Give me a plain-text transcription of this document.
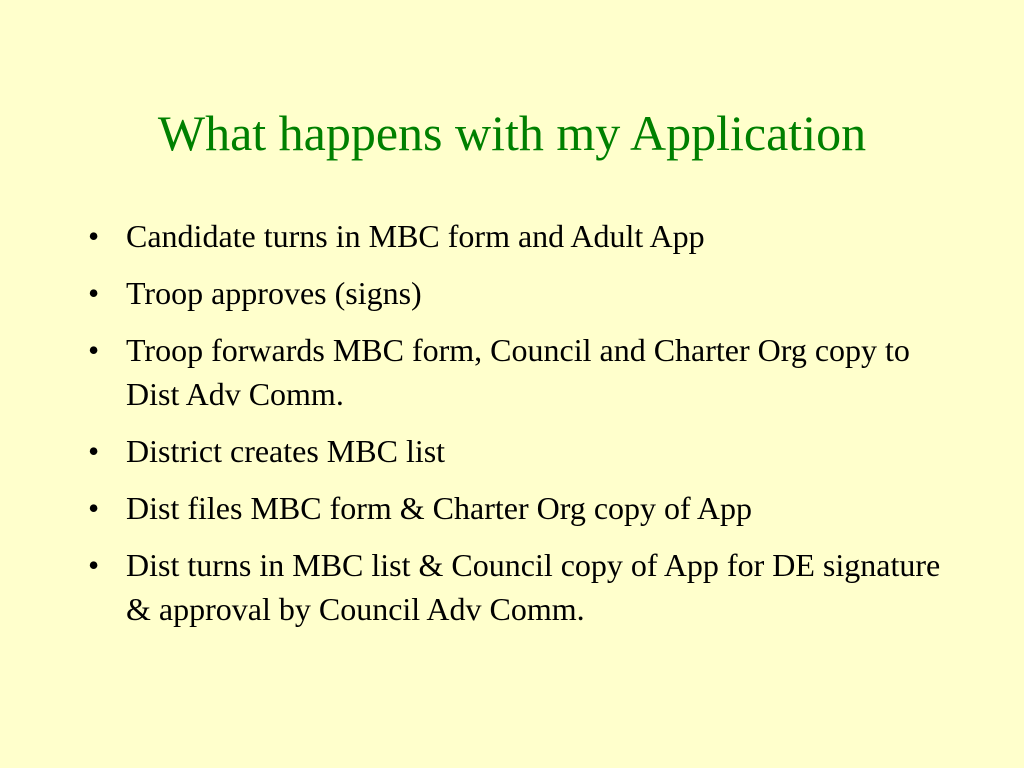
What happens with my Application
• Candidate turns in MBC form and Adult App
• Troop approves (signs)
• Troop forwards MBC form, Council and Charter Org copy to Dist Adv Comm.
• District creates MBC list
• Dist files MBC form & Charter Org copy of App
• Dist turns in MBC list & Council copy of App for DE signature & approval by Council Adv Comm.
